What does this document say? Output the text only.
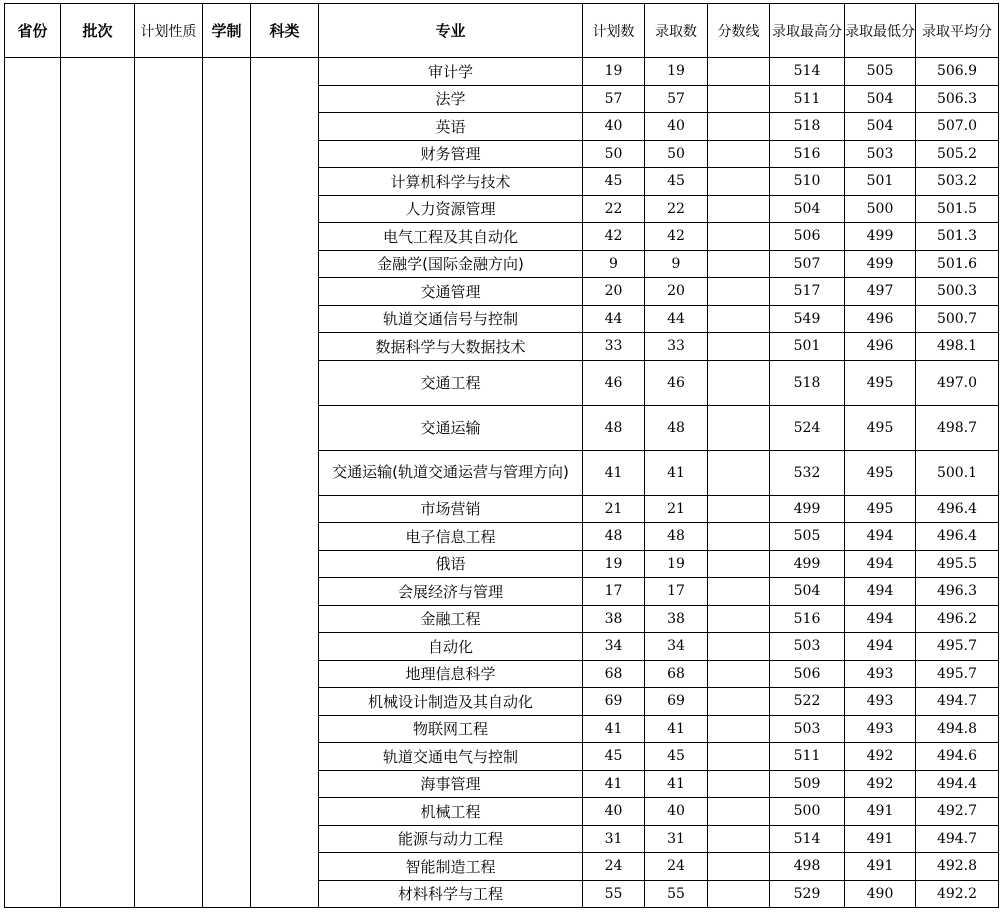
省份	批次	计划性质	学制	科类	专业	计划数	录取数	分数线	录取最高分	录取最低分	录取平均分
					审计学	19	19		514	505	506.9
					法学	57	57		511	504	506.3
					英语	40	40		518	504	507.0
					财务管理	50	50		516	503	505.2
					计算机科学与技术	45	45		510	501	503.2
					人力资源管理	22	22		504	500	501.5
					电气工程及其自动化	42	42		506	499	501.3
					金融学(国际金融方向)	9	9		507	499	501.6
					交通管理	20	20		517	497	500.3
					轨道交通信号与控制	44	44		549	496	500.7
					数据科学与大数据技术	33	33		501	496	498.1
					交通工程	46	46		518	495	497.0
					交通运输	48	48		524	495	498.7
					交通运输(轨道交通运营与管理方向)	41	41		532	495	500.1
					市场营销	21	21		499	495	496.4
					电子信息工程	48	48		505	494	496.4
					俄语	19	19		499	494	495.5
					会展经济与管理	17	17		504	494	496.3
					金融工程	38	38		516	494	496.2
					自动化	34	34		503	494	495.7
					地理信息科学	68	68		506	493	495.7
					机械设计制造及其自动化	69	69		522	493	494.7
					物联网工程	41	41		503	493	494.8
					轨道交通电气与控制	45	45		511	492	494.6
					海事管理	41	41		509	492	494.4
					机械工程	40	40		500	491	492.7
					能源与动力工程	31	31		514	491	494.7
					智能制造工程	24	24		498	491	492.8
					材料科学与工程	55	55		529	490	492.2
